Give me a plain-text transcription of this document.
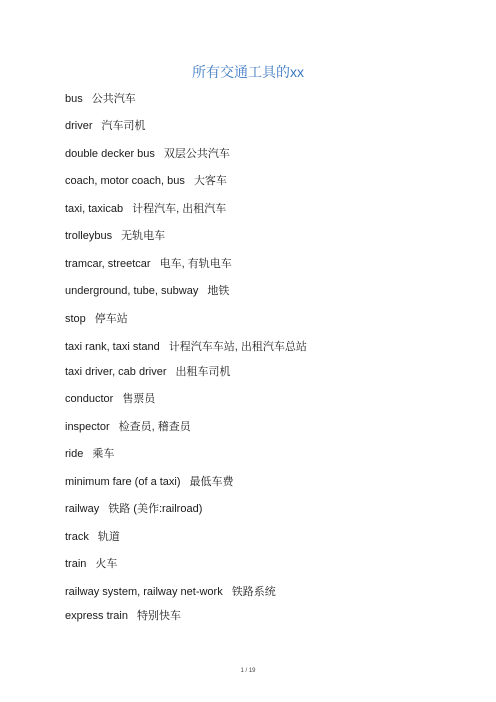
所有交通工具的xx
bus 公共汽车
driver 汽车司机
double decker bus 双层公共汽车
coach, motor coach, bus 大客车
taxi, taxicab 计程汽车, 出租汽车
trolleybus 无轨电车
tramcar, streetcar 电车, 有轨电车
underground, tube, subway 地铁
stop 停车站
taxi rank, taxi stand 计程汽车车站, 出租汽车总站
taxi driver, cab driver 出租车司机
conductor 售票员
inspector 检查员, 稽查员
ride 乘车
minimum fare (of a taxi) 最低车费
railway 铁路 (美作:railroad)
track 轨道
train 火车
railway system, railway net-work 铁路系统
express train 特别快车
1 / 19
